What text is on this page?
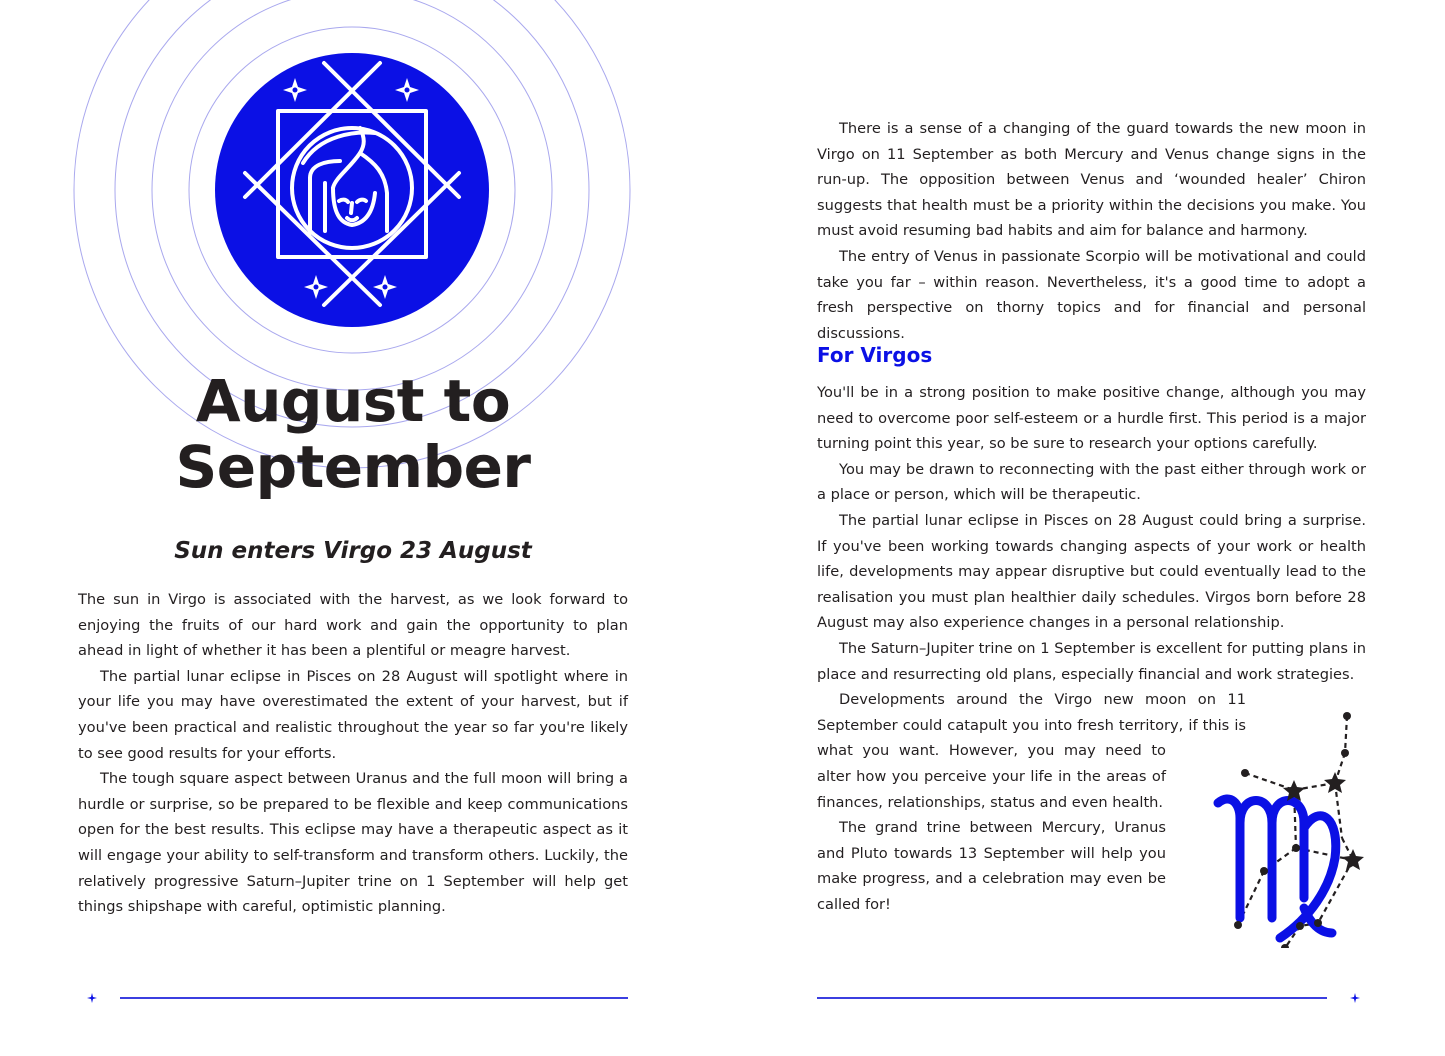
August to
September
Sun enters Virgo 23 August

The sun in Virgo is associated with the harvest, as we look forward to enjoying the fruits of our hard work and gain the opportunity to plan ahead in light of whether it has been a plentiful or meagre harvest.

The partial lunar eclipse in Pisces on 28 August will spotlight where in your life you may have overestimated the extent of your harvest, but if you've been practical and realistic throughout the year so far you're likely to see good results for your efforts.

The tough square aspect between Uranus and the full moon will bring a hurdle or surprise, so be prepared to be flexible and keep communications open for the best results. This eclipse may have a therapeutic aspect as it will engage your ability to self-transform and transform others. Luckily, the relatively progressive Saturn–Jupiter trine on 1 September will help get things shipshape with careful, optimistic planning.

There is a sense of a changing of the guard towards the new moon in Virgo on 11 September as both Mercury and Venus change signs in the run-up. The opposition between Venus and ‘wounded healer’ Chiron suggests that health must be a priority within the decisions you make. You must avoid resuming bad habits and aim for balance and harmony.

The entry of Venus in passionate Scorpio will be motivational and could take you far – within reason. Nevertheless, it's a good time to adopt a fresh perspective on thorny topics and for financial and personal discussions.

For Virgos

You'll be in a strong position to make positive change, although you may need to overcome poor self-esteem or a hurdle first. This period is a major turning point this year, so be sure to research your options carefully.

You may be drawn to reconnecting with the past either through work or a place or person, which will be therapeutic.

The partial lunar eclipse in Pisces on 28 August could bring a surprise. If you've been working towards changing aspects of your work or health life, developments may appear disruptive but could eventually lead to the realisation you must plan healthier daily schedules. Virgos born before 28 August may also experience changes in a personal relationship.

The Saturn–Jupiter trine on 1 September is excellent for putting plans in place and resurrecting old plans, especially financial and work strategies.

Developments around the Virgo new moon on 11 September could catapult you into fresh territory, if this is what you want. However, you may need to alter how you perceive your life in the areas of finances, relationships, status and even health.

The grand trine between Mercury, Uranus and Pluto towards 13 September will help you make progress, and a celebration may even be called for!
